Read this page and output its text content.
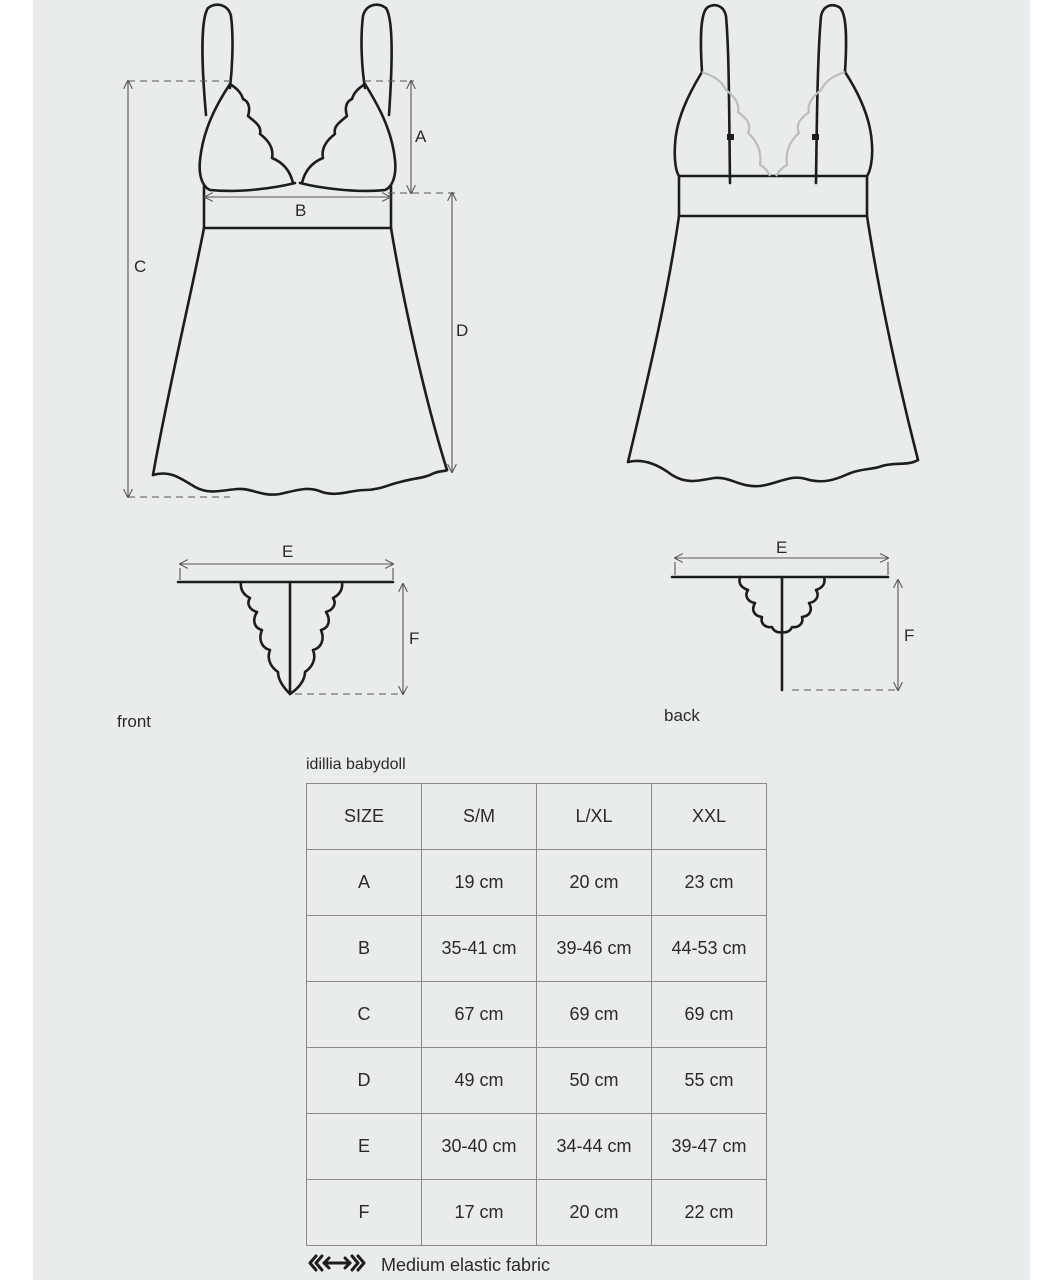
A
B
C
D
E
F
E
F
front	back
idillia babydoll
SIZE	S/M	L/XL	XXL
A	19 cm	20 cm	23 cm
B	35-41 cm	39-46 cm	44-53 cm
C	67 cm	69 cm	69 cm
D	49 cm	50 cm	55 cm
E	30-40 cm	34-44 cm	39-47 cm
F	17 cm	20 cm	22 cm
Medium elastic fabric
